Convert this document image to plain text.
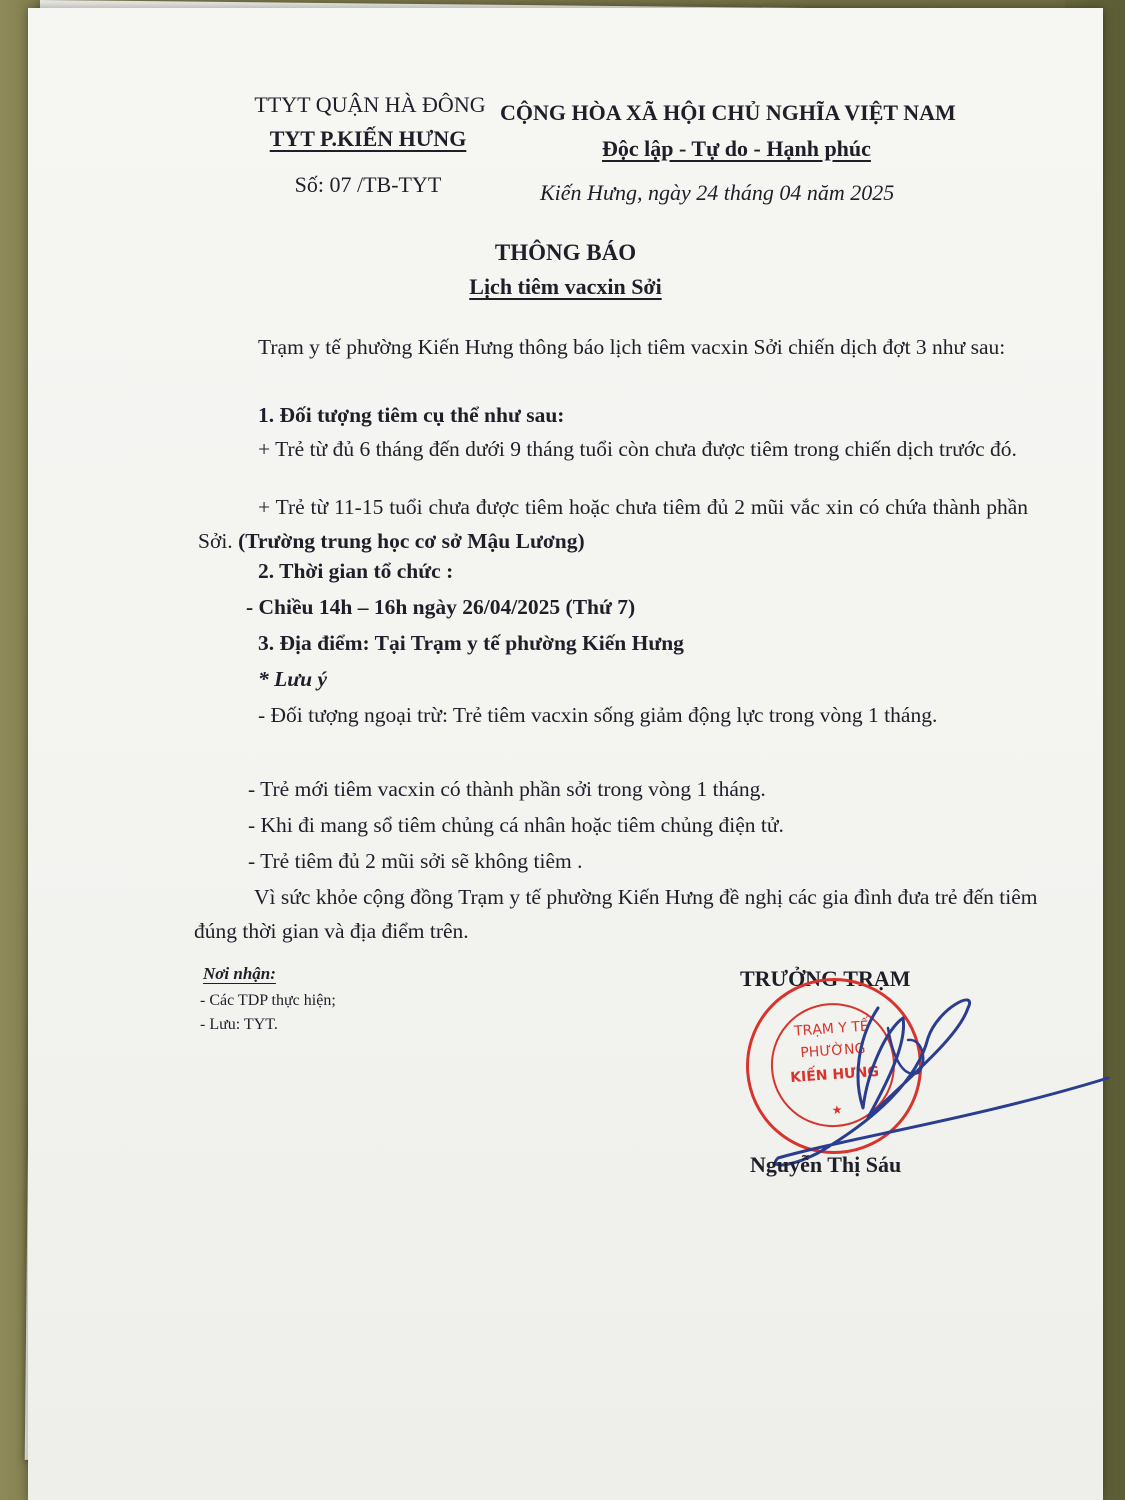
TTYT QUẬN HÀ ĐÔNG
TYT P.KIẾN HƯNG
Số: 07 /TB-TYT
CỘNG HÒA XÃ HỘI CHỦ NGHĨA VIỆT NAM
Độc lập - Tự do - Hạnh phúc
Kiến Hưng, ngày 24 tháng 04 năm 2025
THÔNG BÁO
Lịch tiêm vacxin Sởi
Trạm y tế phường Kiến Hưng thông báo lịch tiêm vacxin Sởi chiến dịch đợt 3 như sau:
1. Đối tượng tiêm cụ thể như sau:
+ Trẻ từ đủ 6 tháng đến dưới 9 tháng tuổi còn chưa được tiêm trong chiến dịch trước đó.
+ Trẻ từ 11-15 tuổi chưa được tiêm hoặc chưa tiêm đủ 2 mũi vắc xin có chứa thành phần Sởi. (Trường trung học cơ sở Mậu Lương)
2. Thời gian tổ chức :
- Chiều 14h – 16h ngày 26/04/2025 (Thứ 7)
3. Địa điểm: Tại Trạm y tế phường Kiến Hưng
* Lưu ý
- Đối tượng ngoại trừ: Trẻ tiêm vacxin sống giảm động lực trong vòng 1 tháng.
- Trẻ mới tiêm vacxin có thành phần sởi trong vòng 1 tháng.
- Khi đi mang sổ tiêm chủng cá nhân hoặc tiêm chủng điện tử.
- Trẻ tiêm đủ 2 mũi sởi sẽ không tiêm .
Vì sức khỏe cộng đồng Trạm y tế phường Kiến Hưng đề nghị các gia đình đưa trẻ đến tiêm đúng thời gian và địa điểm trên.
Nơi nhận:
- Các TDP thực hiện;
- Lưu: TYT.
TRƯỞNG TRẠM
TRẠM Y TẾ
PHƯỜNG
KIẾN HƯNG
★
Nguyễn Thị Sáu
